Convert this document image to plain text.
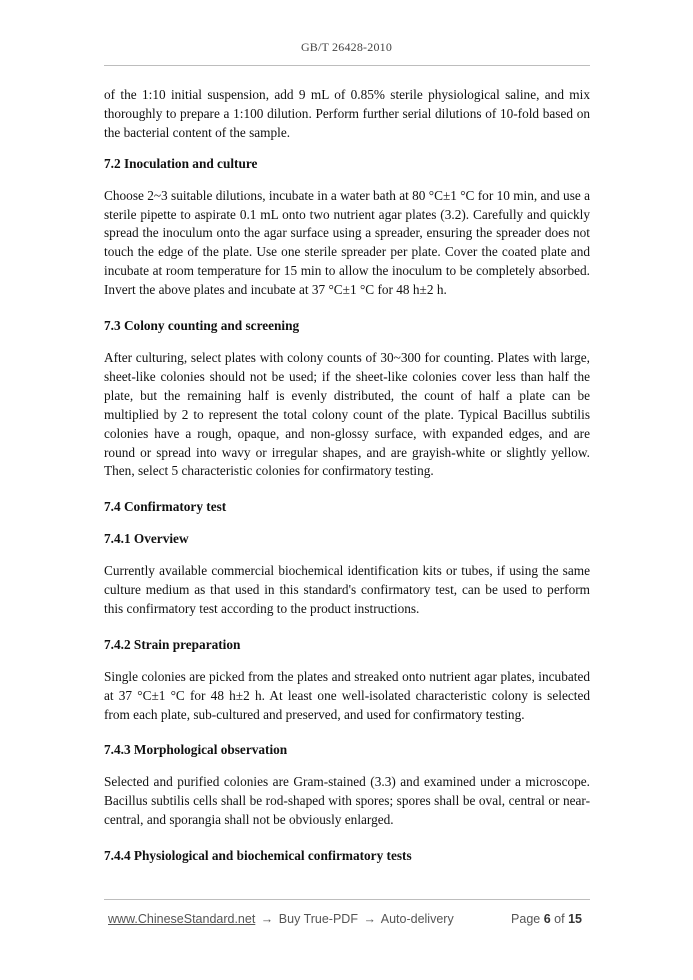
GB/T 26428-2010

of the 1:10 initial suspension, add 9 mL of 0.85% sterile physiological saline, and mix thoroughly to prepare a 1:100 dilution. Perform further serial dilutions of 10-fold based on the bacterial content of the sample.

7.2 Inoculation and culture

Choose 2~3 suitable dilutions, incubate in a water bath at 80 °C±1 °C for 10 min, and use a sterile pipette to aspirate 0.1 mL onto two nutrient agar plates (3.2). Carefully and quickly spread the inoculum onto the agar surface using a spreader, ensuring the spreader does not touch the edge of the plate. Use one sterile spreader per plate. Cover the coated plate and incubate at room temperature for 15 min to allow the inoculum to be completely absorbed. Invert the above plates and incubate at 37 °C±1 °C for 48 h±2 h.

7.3 Colony counting and screening

After culturing, select plates with colony counts of 30~300 for counting. Plates with large, sheet-like colonies should not be used; if the sheet-like colonies cover less than half the plate, but the remaining half is evenly distributed, the count of half a plate can be multiplied by 2 to represent the total colony count of the plate. Typical Bacillus subtilis colonies have a rough, opaque, and non-glossy surface, with expanded edges, and are round or spread into wavy or irregular shapes, and are grayish-white or slightly yellow. Then, select 5 characteristic colonies for confirmatory testing.

7.4 Confirmatory test
7.4.1 Overview

Currently available commercial biochemical identification kits or tubes, if using the same culture medium as that used in this standard's confirmatory test, can be used to perform this confirmatory test according to the product instructions.

7.4.2 Strain preparation

Single colonies are picked from the plates and streaked onto nutrient agar plates, incubated at 37 °C±1 °C for 48 h±2 h. At least one well-isolated characteristic colony is selected from each plate, sub-cultured and preserved, and used for confirmatory testing.

7.4.3 Morphological observation

Selected and purified colonies are Gram-stained (3.3) and examined under a microscope. Bacillus subtilis cells shall be rod-shaped with spores; spores shall be oval, central or near-central, and sporangia shall not be obviously enlarged.

7.4.4 Physiological and biochemical confirmatory tests
www.ChineseStandard.net → Buy True-PDF → Auto-delivery	Page 6 of 15
